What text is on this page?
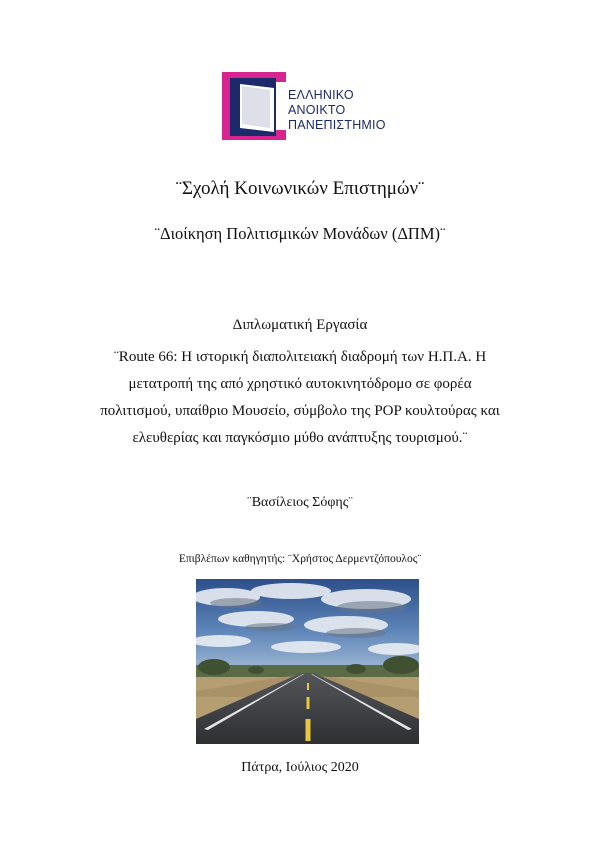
ΕΛΛΗΝΙΚΟ
ΑΝΟΙΚΤΟ
ΠΑΝΕΠΙΣΤΗΜΙΟ
¨Σχολή Κοινωνικών Επιστημών¨
¨Διοίκηση Πολιτισμικών Μονάδων (ΔΠΜ)¨
Διπλωματική Εργασία
¨Route 66: Η ιστορική διαπολιτειακή διαδρομή των Η.Π.Α. Η
μετατροπή της από χρηστικό αυτοκινητόδρομο σε φορέα
πολιτισμού, υπαίθριο Μουσείο, σύμβολο της POP κουλτούρας και
ελευθερίας και παγκόσμιο μύθο ανάπτυξης τουρισμού.¨
¨Βασίλειος Σόφης¨
Επιβλέπων καθηγητής: ¨Χρήστος Δερμεντζόπουλος¨
Πάτρα, Ιούλιος 2020
